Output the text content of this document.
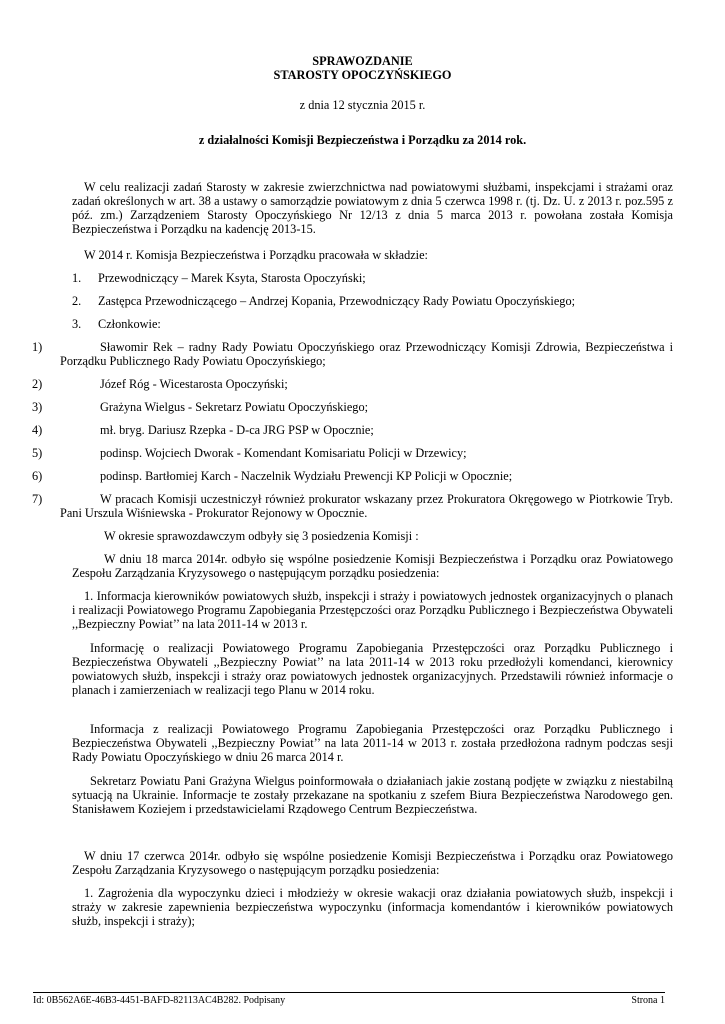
SPRAWOZDANIE
STAROSTY OPOCZYŃSKIEGO
z dnia 12 stycznia 2015 r.
z działalności Komisji Bezpieczeństwa i Porządku za 2014 rok.
W celu realizacji zadań Starosty w zakresie zwierzchnictwa nad powiatowymi służbami, inspekcjami i strażami oraz zadań określonych w art. 38 a ustawy o samorządzie powiatowym z dnia 5 czerwca 1998 r. (tj. Dz. U. z 2013 r. poz.595 z póź. zm.) Zarządzeniem Starosty Opoczyńskiego Nr 12/13 z dnia 5 marca 2013 r. powołana została Komisja Bezpieczeństwa i Porządku na kadencję 2013-15.
W 2014 r. Komisja Bezpieczeństwa i Porządku pracowała w składzie:
1. Przewodniczący – Marek Ksyta, Starosta Opoczyński;
2. Zastępca Przewodniczącego – Andrzej Kopania, Przewodniczący Rady Powiatu Opoczyńskiego;
3. Członkowie:
1)	Sławomir Rek – radny Rady Powiatu Opoczyńskiego oraz Przewodniczący Komisji Zdrowia, Bezpieczeństwa i Porządku Publicznego Rady Powiatu Opoczyńskiego;
2)	Józef Róg - Wicestarosta Opoczyński;
3)	Grażyna Wielgus - Sekretarz Powiatu Opoczyńskiego;
4)	mł. bryg. Dariusz Rzepka - D-ca JRG PSP w Opocznie;
5)	podinsp. Wojciech Dworak - Komendant Komisariatu Policji w Drzewicy;
6)	podinsp. Bartłomiej Karch - Naczelnik Wydziału Prewencji KP Policji w Opocznie;
7)	W pracach Komisji uczestniczył również prokurator wskazany przez Prokuratora Okręgowego w Piotrkowie Tryb. Pani Urszula Wiśniewska - Prokurator Rejonowy w Opocznie.
W okresie sprawozdawczym odbyły się 3 posiedzenia Komisji :
W dniu 18 marca 2014r. odbyło się wspólne posiedzenie Komisji Bezpieczeństwa i Porządku oraz Powiatowego Zespołu Zarządzania Kryzysowego o następującym porządku posiedzenia:
1. Informacja kierowników powiatowych służb, inspekcji i straży i powiatowych jednostek organizacyjnych o planach i realizacji Powiatowego Programu Zapobiegania Przestępczości oraz Porządku Publicznego i Bezpieczeństwa Obywateli ,,Bezpieczny Powiat’’ na lata 2011-14 w 2013 r.
Informację o realizacji Powiatowego Programu Zapobiegania Przestępczości oraz Porządku Publicznego i Bezpieczeństwa Obywateli ,,Bezpieczny Powiat’’ na lata 2011-14 w 2013 roku przedłożyli komendanci, kierownicy powiatowych służb, inspekcji i straży oraz powiatowych jednostek organizacyjnych. Przedstawili również informacje o planach i zamierzeniach w realizacji tego Planu w 2014 roku.
Informacja z realizacji Powiatowego Programu Zapobiegania Przestępczości oraz Porządku Publicznego i Bezpieczeństwa Obywateli ,,Bezpieczny Powiat’’ na lata 2011-14 w 2013 r. została przedłożona radnym podczas sesji Rady Powiatu Opoczyńskiego w dniu 26 marca 2014 r.
Sekretarz Powiatu Pani Grażyna Wielgus poinformowała o działaniach jakie zostaną podjęte w związku z niestabilną sytuacją na Ukrainie. Informacje te zostały przekazane na spotkaniu z szefem Biura Bezpieczeństwa Narodowego gen. Stanisławem Koziejem i przedstawicielami Rządowego Centrum Bezpieczeństwa.
W dniu 17 czerwca 2014r. odbyło się wspólne posiedzenie Komisji Bezpieczeństwa i Porządku oraz Powiatowego Zespołu Zarządzania Kryzysowego o następującym porządku posiedzenia:
1. Zagrożenia dla wypoczynku dzieci i młodzieży w okresie wakacji oraz działania powiatowych służb, inspekcji i straży w zakresie zapewnienia bezpieczeństwa wypoczynku (informacja komendantów i kierowników powiatowych służb, inspekcji i straży);
Id: 0B562A6E-46B3-4451-BAFD-82113AC4B282. Podpisany	Strona 1
